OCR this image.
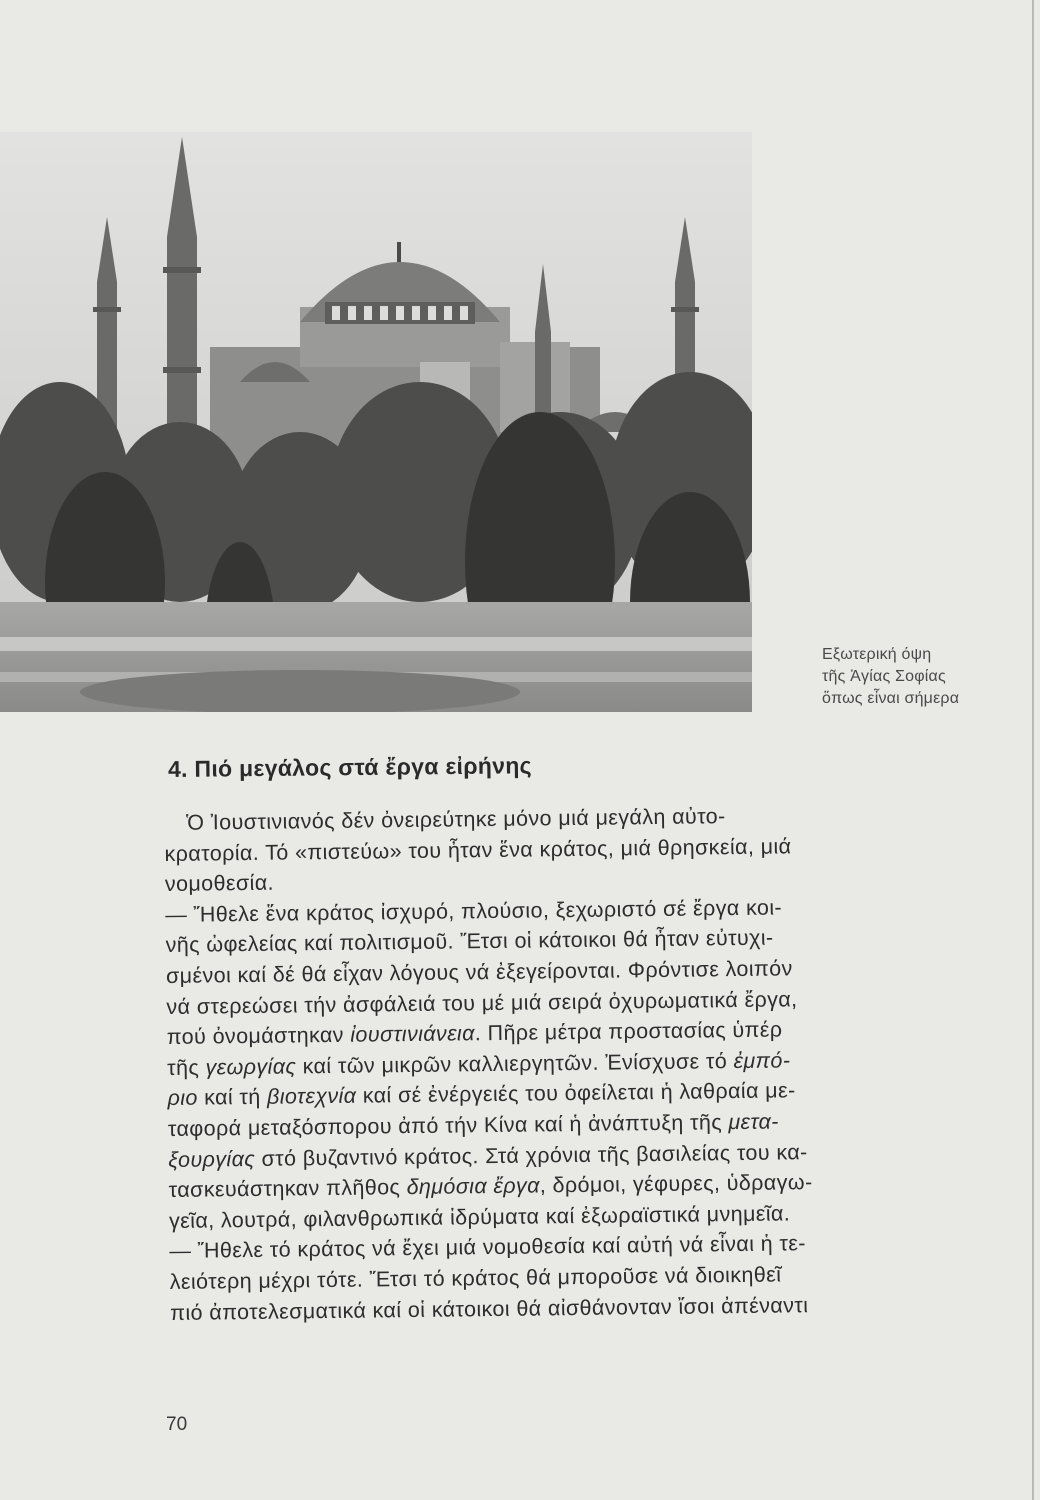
Εξωτερική όψη
τῆς Ἁγίας Σοφίας
ὅπως εἶναι σήμερα
4. Πιό μεγάλος στά ἔργα εἰρήνης
Ὁ Ἰουστινιανός δέν ὀνειρεύτηκε μόνο μιά μεγάλη αὐτο-
κρατορία. Τό «πιστεύω» του ἦταν ἕνα κράτος, μιά θρησκεία, μιά
νομοθεσία.
— Ἤθελε ἕνα κράτος ἰσχυρό, πλούσιο, ξεχωριστό σέ ἔργα κοι-
νῆς ὠφελείας καί πολιτισμοῦ. Ἔτσι οἱ κάτοικοι θά ἦταν εὐτυχι-
σμένοι καί δέ θά εἶχαν λόγους νά ἐξεγείρονται. Φρόντισε λοιπόν
νά στερεώσει τήν ἀσφάλειά του μέ μιά σειρά ὀχυρωματικά ἔργα,
πού ὀνομάστηκαν ἰουστινιάνεια. Πῆρε μέτρα προστασίας ὑπέρ
τῆς γεωργίας καί τῶν μικρῶν καλλιεργητῶν. Ἐνίσχυσε τό ἐμπό-
ριο καί τή βιοτεχνία καί σέ ἐνέργειές του ὀφείλεται ἡ λαθραία με-
ταφορά μεταξόσπορου ἀπό τήν Κίνα καί ἡ ἀνάπτυξη τῆς μετα-
ξουργίας στό βυζαντινό κράτος. Στά χρόνια τῆς βασιλείας του κα-
τασκευάστηκαν πλῆθος δημόσια ἔργα, δρόμοι, γέφυρες, ὑδραγω-
γεῖα, λουτρά, φιλανθρωπικά ἱδρύματα καί ἐξωραϊστικά μνημεῖα.
— Ἤθελε τό κράτος νά ἔχει μιά νομοθεσία καί αὐτή νά εἶναι ἡ τε-
λειότερη μέχρι τότε. Ἔτσι τό κράτος θά μποροῦσε νά διοικηθεῖ
πιό ἀποτελεσματικά καί οἱ κάτοικοι θά αἰσθάνονταν ἴσοι ἀπέναντι
70
